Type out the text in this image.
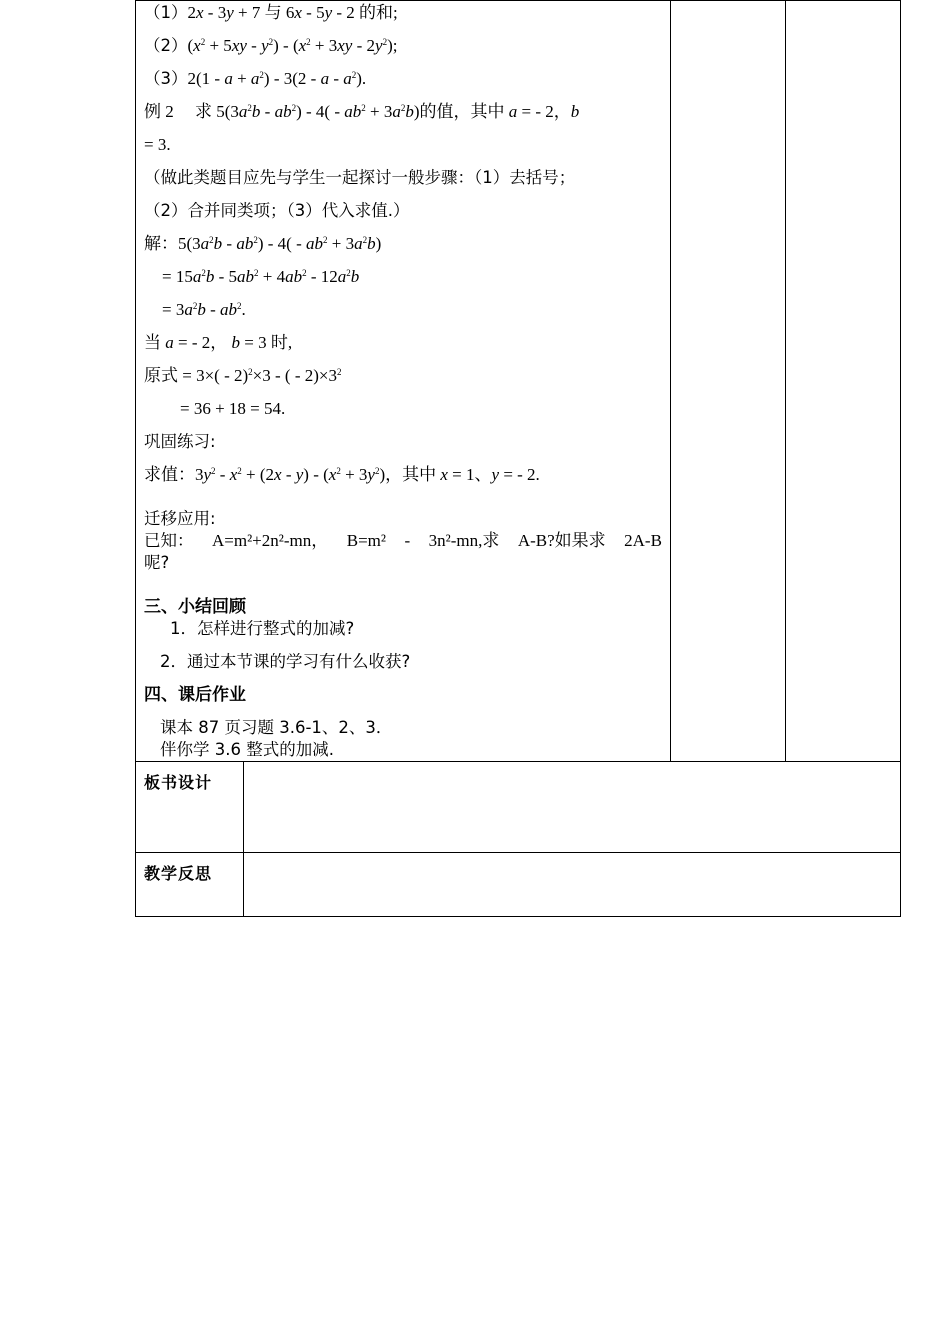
板书设计
教学反思
（1）2x - 3y + 7 与 6x - 5y - 2 的和;
$(2)(x^2 + 5xy - y^2) - (x^2 + 3xy - 2y^2)$;
$(3)2(1 - a + a^2) - 3(2 - a - a^2)$.
例 2　 求 $5(3a^2b - ab^2) - 4( - ab^2 + 3a^2b)$的值，其中 a = - 2，b
= 3.
（做此类题目应先与学生一起探讨一般步骤：（1）去括号；
（2）合并同类项；（3）代入求值.）
解：$5(3a^2b - ab^2) - 4( - ab^2 + 3a^2b)$
= $15a^2b - 5ab^2 + 4ab^2 - 12a^2b$
= $3a^2b - ab^2$.
当 a = - 2， b = 3 时,
原式 = 3×( - 2)$^2$×3 - ( - $2)\times 3^2$
= 36 + 18 = 54.
巩固练习:
求值：$3y^2 - x^2 + (2x - y) - (x^2 + 3y^2)$，其中 x = 1、y = - 2.
迁移应用:
已知： A=m²+2n²-mn， B=m² - 3n²-mn,求 A-B?如果求 2A-B
呢?
三、小结回顾
1．怎样进行整式的加减?
2．通过本节课的学习有什么收获?
四、课后作业
课本 87 页习题 3.6-1、2、3．
伴你学 3.6 整式的加减.
